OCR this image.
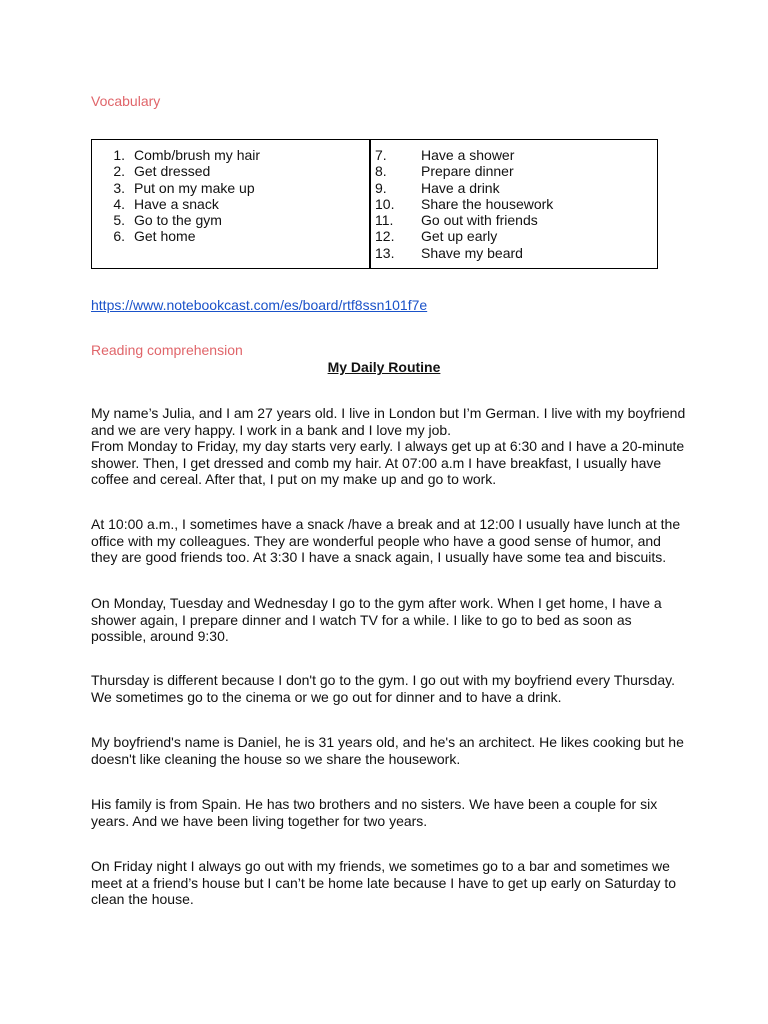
Vocabulary
1. Comb/brush my hair
2. Get dressed
3. Put on my make up
4. Have a snack
5. Go to the gym
6. Get home
7.	Have a shower
8.	Prepare dinner
9.	Have a drink
10.	Share the housework
11.	Go out with friends
12.	Get up early
13.	Shave my beard
https://www.notebookcast.com/es/board/rtf8ssn101f7e
Reading comprehension
My Daily Routine

My name’s Julia, and I am 27 years old. I live in London but I’m German. I live with my boyfriend

and we are very happy. I work in a bank and I love my job.

From Monday to Friday, my day starts very early. I always get up at 6:30 and I have a 20-minute

shower. Then, I get dressed and comb my hair. At 07:00 a.m I have breakfast, I usually have

coffee and cereal. After that, I put on my make up and go to work.

At 10:00 a.m., I sometimes have a snack /have a break and at 12:00 I usually have lunch at the

office with my colleagues. They are wonderful people who have a good sense of humor, and

they are good friends too. At 3:30 I have a snack again, I usually have some tea and biscuits.

On Monday, Tuesday and Wednesday I go to the gym after work. When I get home, I have a

shower again, I prepare dinner and I watch TV for a while. I like to go to bed as soon as

possible, around 9:30.

Thursday is different because I don't go to the gym. I go out with my boyfriend every Thursday.

We sometimes go to the cinema or we go out for dinner and to have a drink.

My boyfriend's name is Daniel, he is 31 years old, and he's an architect. He likes cooking but he

doesn't like cleaning the house so we share the housework.

His family is from Spain. He has two brothers and no sisters. We have been a couple for six

years. And we have been living together for two years.

On Friday night I always go out with my friends, we sometimes go to a bar and sometimes we

meet at a friend’s house but I can’t be home late because I have to get up early on Saturday to

clean the house.
